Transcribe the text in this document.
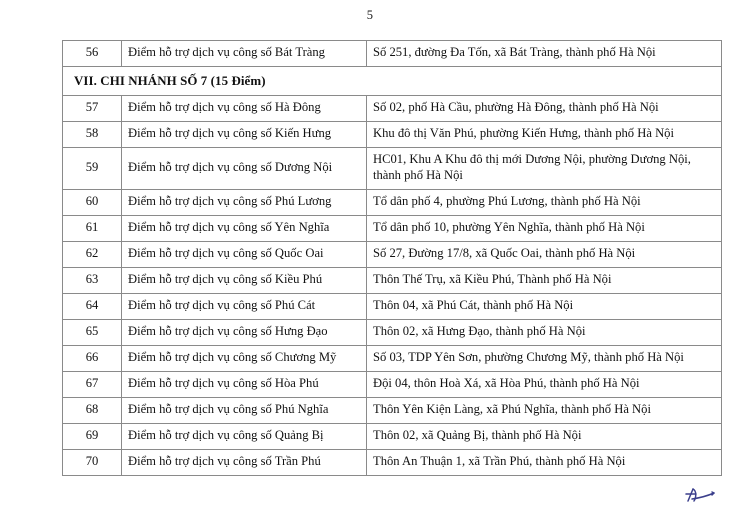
5
56	Điểm hỗ trợ dịch vụ công số Bát Tràng	Số 251, đường Đa Tốn, xã Bát Tràng, thành phố Hà Nội
VII. CHI NHÁNH SỐ 7 (15 Điểm)		
57	Điểm hỗ trợ dịch vụ công số Hà Đông	Số 02, phố Hà Cầu, phường Hà Đông, thành phố Hà Nội
58	Điểm hỗ trợ dịch vụ công số Kiến Hưng	Khu đô thị Văn Phú, phường Kiến Hưng, thành phố Hà Nội
59	Điểm hỗ trợ dịch vụ công số Dương Nội	HC01, Khu A Khu đô thị mới Dương Nội, phường Dương Nội, thành phố Hà Nội
60	Điểm hỗ trợ dịch vụ công số Phú Lương	Tổ dân phố 4, phường Phú Lương, thành phố Hà Nội
61	Điểm hỗ trợ dịch vụ công số Yên Nghĩa	Tổ dân phố 10, phường Yên Nghĩa, thành phố Hà Nội
62	Điểm hỗ trợ dịch vụ công số Quốc Oai	Số 27, Đường 17/8, xã Quốc Oai, thành phố Hà Nội
63	Điểm hỗ trợ dịch vụ công số Kiều Phú	Thôn Thế Trụ, xã Kiều Phú, Thành phố Hà Nội
64	Điểm hỗ trợ dịch vụ công số Phú Cát	Thôn 04, xã Phú Cát, thành phố Hà Nội
65	Điểm hỗ trợ dịch vụ công số Hưng Đạo	Thôn 02, xã Hưng Đạo, thành phố Hà Nội
66	Điểm hỗ trợ dịch vụ công số Chương Mỹ	Số 03, TDP Yên Sơn, phường Chương Mỹ, thành phố Hà Nội
67	Điểm hỗ trợ dịch vụ công số Hòa Phú	Đội 04, thôn Hoà Xá, xã Hòa Phú, thành phố Hà Nội
68	Điểm hỗ trợ dịch vụ công số Phú Nghĩa	Thôn Yên Kiện Làng, xã Phú Nghĩa, thành phố Hà Nội
69	Điểm hỗ trợ dịch vụ công số Quảng Bị	Thôn 02, xã Quảng Bị, thành phố Hà Nội
70	Điểm hỗ trợ dịch vụ công số Trần Phú	Thôn An Thuận 1, xã Trần Phú, thành phố Hà Nội
